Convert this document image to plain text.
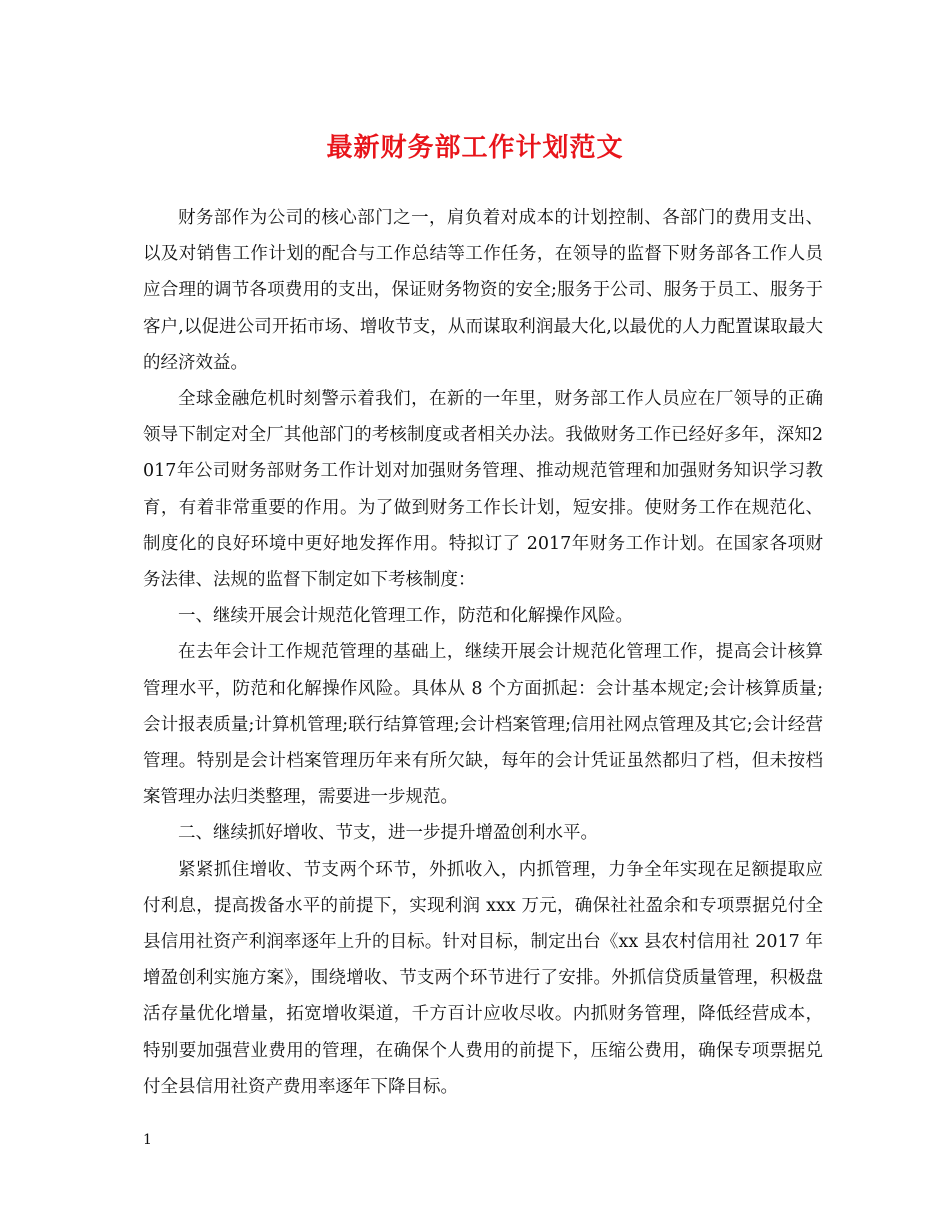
最新财务部工作计划范文

财务部作为公司的核心部门之一，肩负着对成本的计划控制、各部门的费用支出、以及对销售工作计划的配合与工作总结等工作任务，在领导的监督下财务部各工作人员应合理的调节各项费用的支出，保证财务物资的安全;服务于公司、服务于员工、服务于客户,以促进公司开拓市场、增收节支，从而谋取利润最大化,以最优的人力配置谋取最大的经济效益。

全球金融危机时刻警示着我们，在新的一年里，财务部工作人员应在厂领导的正确领导下制定对全厂其他部门的考核制度或者相关办法。我做财务工作已经好多年，深知2017年公司财务部财务工作计划对加强财务管理、推动规范管理和加强财务知识学习教育，有着非常重要的作用。为了做到财务工作长计划，短安排。使财务工作在规范化、制度化的良好环境中更好地发挥作用。特拟订了 2017年财务工作计划。在国家各项财务法律、法规的监督下制定如下考核制度：

一、继续开展会计规范化管理工作，防范和化解操作风险。

在去年会计工作规范管理的基础上，继续开展会计规范化管理工作，提高会计核算管理水平，防范和化解操作风险。具体从 8 个方面抓起：会计基本规定;会计核算质量;会计报表质量;计算机管理;联行结算管理;会计档案管理;信用社网点管理及其它;会计经营管理。特别是会计档案管理历年来有所欠缺，每年的会计凭证虽然都归了档，但未按档案管理办法归类整理，需要进一步规范。

二、继续抓好增收、节支，进一步提升增盈创利水平。

紧紧抓住增收、节支两个环节，外抓收入，内抓管理，力争全年实现在足额提取应付利息，提高拨备水平的前提下，实现利润 xxx 万元，确保社社盈余和专项票据兑付全县信用社资产利润率逐年上升的目标。针对目标，制定出台《xx 县农村信用社 2017 年增盈创利实施方案》，围绕增收、节支两个环节进行了安排。外抓信贷质量管理，积极盘活存量优化增量，拓宽增收渠道，千方百计应收尽收。内抓财务管理，降低经营成本，特别要加强营业费用的管理，在确保个人费用的前提下，压缩公费用，确保专项票据兑付全县信用社资产费用率逐年下降目标。

1
